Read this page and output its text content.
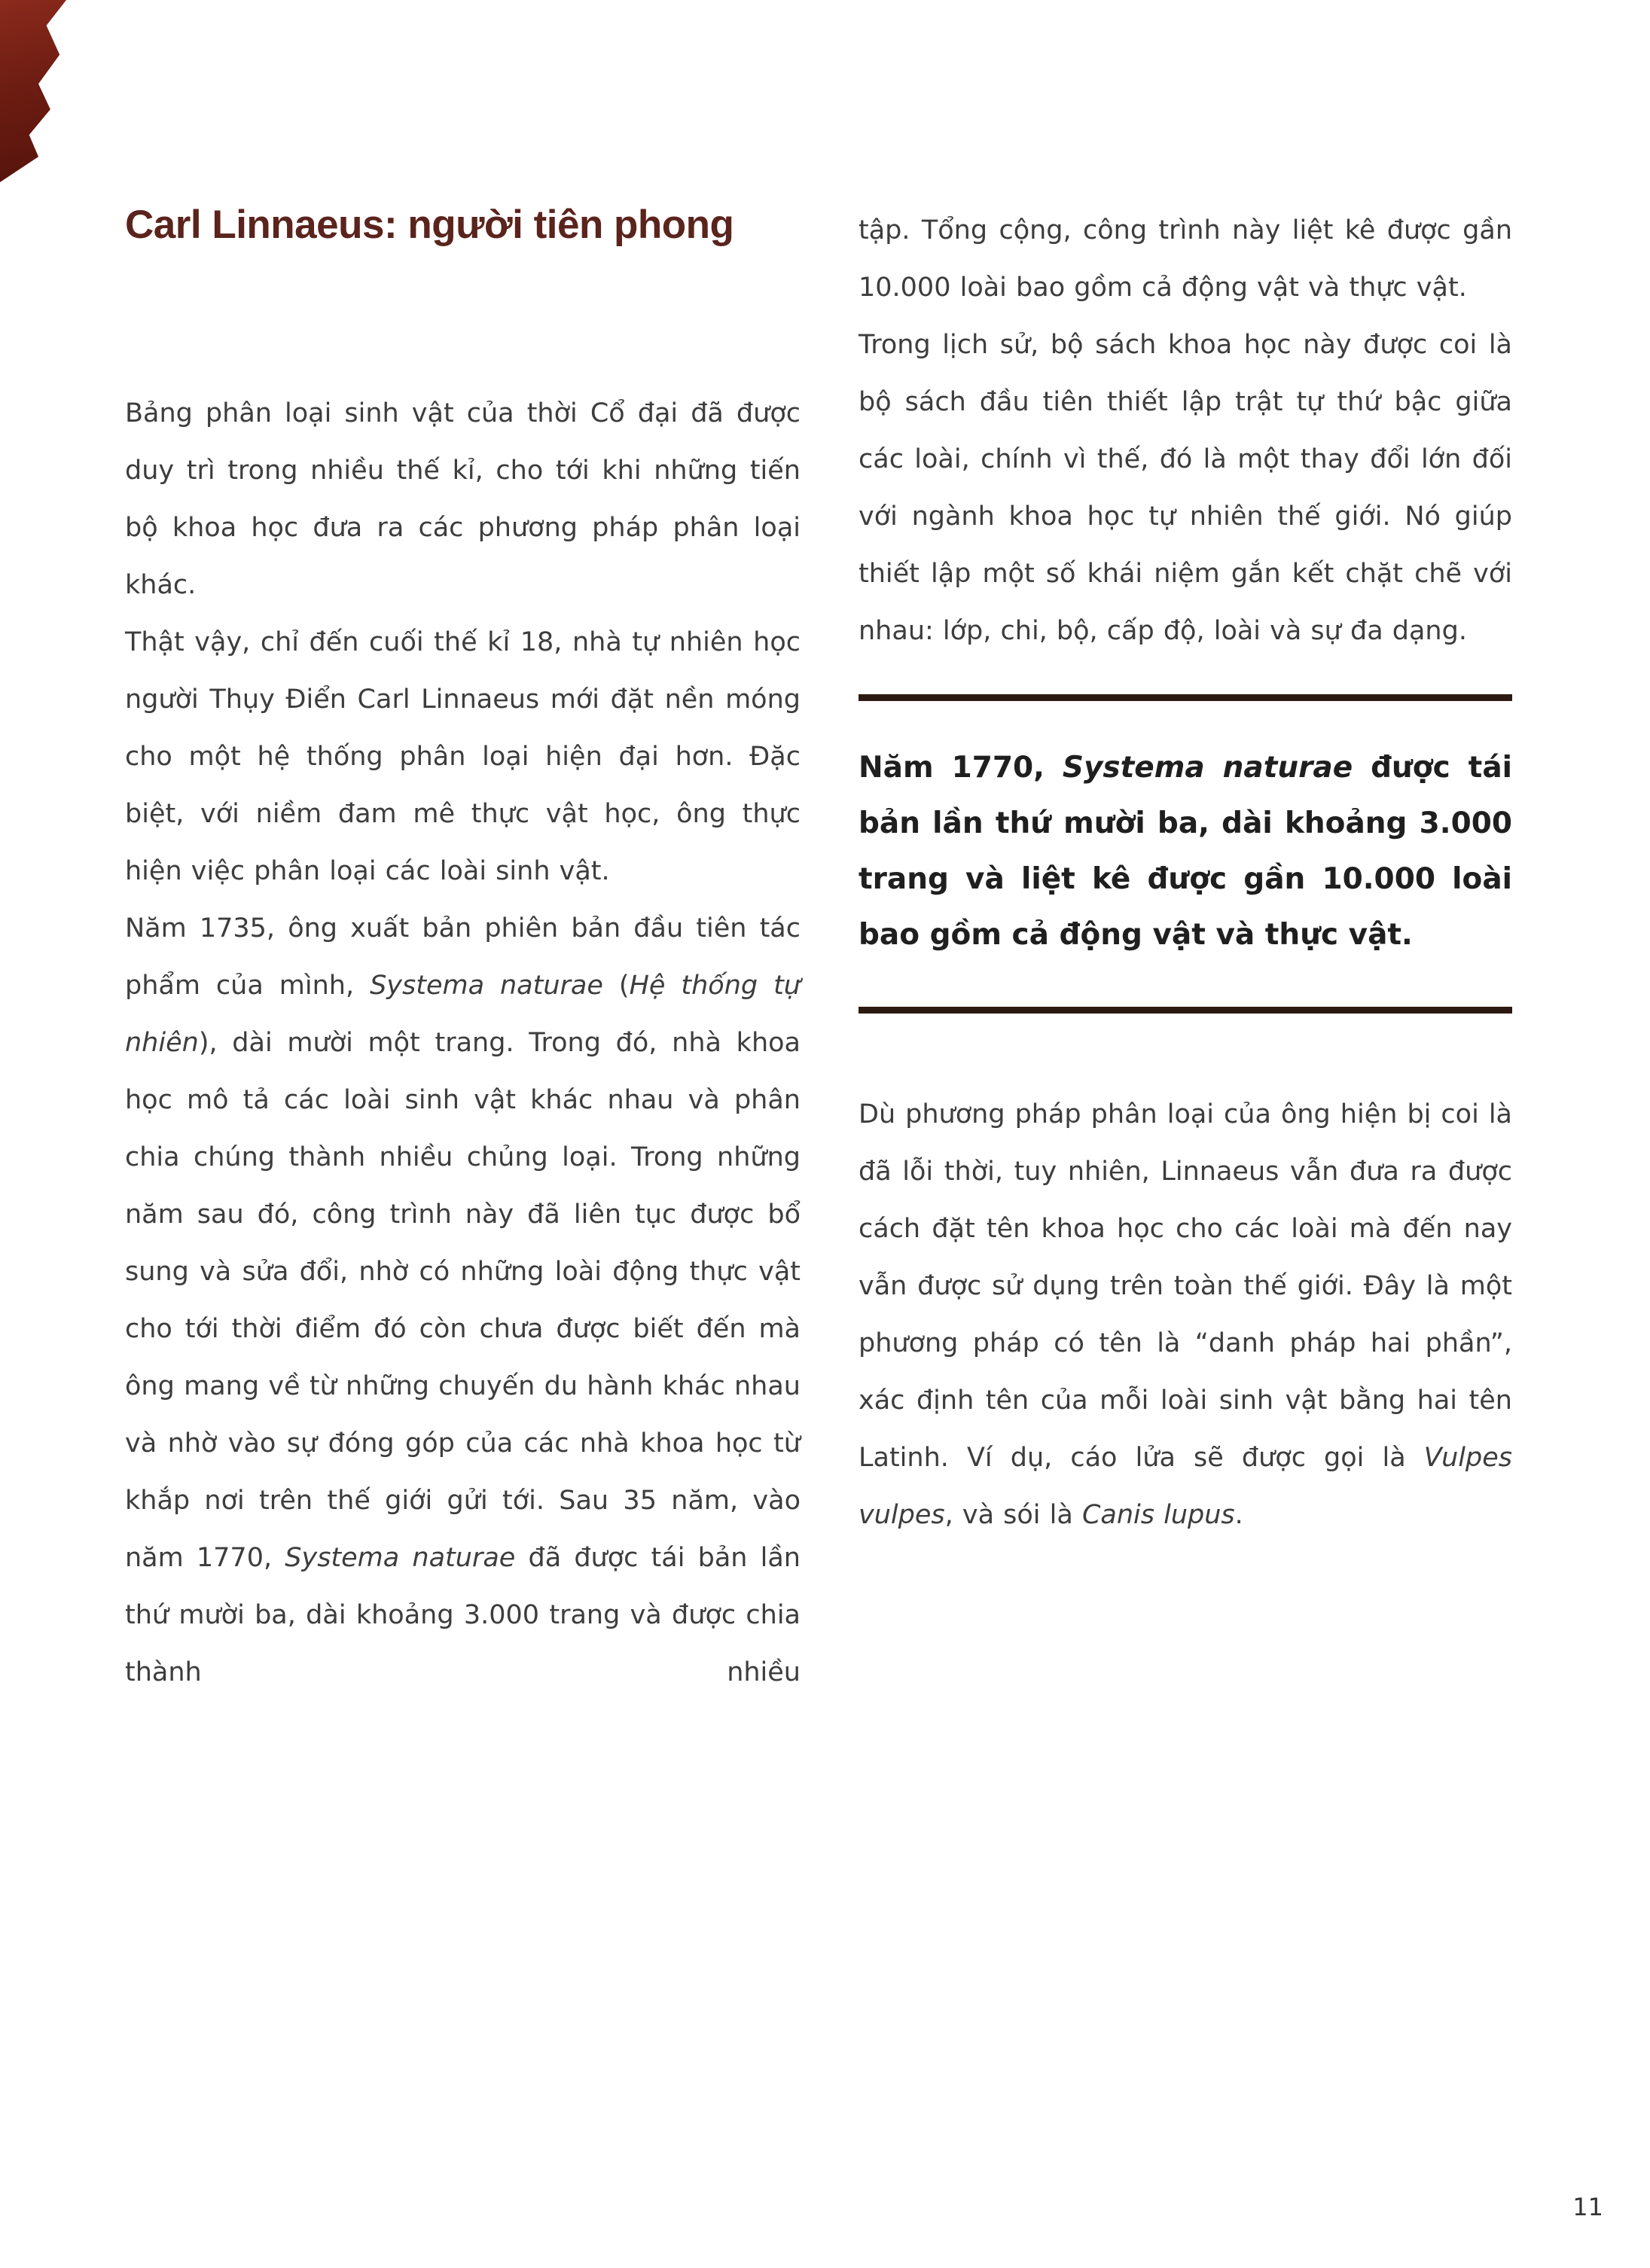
Carl Linnaeus: người tiên phong

Bảng phân loại sinh vật của thời Cổ đại đã được duy trì trong nhiều thế kỉ, cho tới khi những tiến bộ khoa học đưa ra các phương pháp phân loại khác.

Thật vậy, chỉ đến cuối thế kỉ 18, nhà tự nhiên học người Thụy Điển Carl Linnaeus mới đặt nền móng cho một hệ thống phân loại hiện đại hơn. Đặc biệt, với niềm đam mê thực vật học, ông thực hiện việc phân loại các loài sinh vật.

Năm 1735, ông xuất bản phiên bản đầu tiên tác phẩm của mình, Systema naturae (Hệ thống tự nhiên), dài mười một trang. Trong đó, nhà khoa học mô tả các loài sinh vật khác nhau và phân chia chúng thành nhiều chủng loại. Trong những năm sau đó, công trình này đã liên tục được bổ sung và sửa đổi, nhờ có những loài động thực vật cho tới thời điểm đó còn chưa được biết đến mà ông mang về từ những chuyến du hành khác nhau và nhờ vào sự đóng góp của các nhà khoa học từ khắp nơi trên thế giới gửi tới. Sau 35 năm, vào năm 1770, Systema naturae đã được tái bản lần thứ mười ba, dài khoảng 3.000 trang và được chia thành nhiều

tập. Tổng cộng, công trình này liệt kê được gần 10.000 loài bao gồm cả động vật và thực vật.

Trong lịch sử, bộ sách khoa học này được coi là bộ sách đầu tiên thiết lập trật tự thứ bậc giữa các loài, chính vì thế, đó là một thay đổi lớn đối với ngành khoa học tự nhiên thế giới. Nó giúp thiết lập một số khái niệm gắn kết chặt chẽ với nhau: lớp, chi, bộ, cấp độ, loài và sự đa dạng.

Năm 1770, Systema naturae được tái bản lần thứ mười ba, dài khoảng 3.000 trang và liệt kê được gần 10.000 loài bao gồm cả động vật và thực vật.

Dù phương pháp phân loại của ông hiện bị coi là đã lỗi thời, tuy nhiên, Linnaeus vẫn đưa ra được cách đặt tên khoa học cho các loài mà đến nay vẫn được sử dụng trên toàn thế giới. Đây là một phương pháp có tên là “danh pháp hai phần”, xác định tên của mỗi loài sinh vật bằng hai tên Latinh. Ví dụ, cáo lửa sẽ được gọi là Vulpes vulpes, và sói là Canis lupus.

11
